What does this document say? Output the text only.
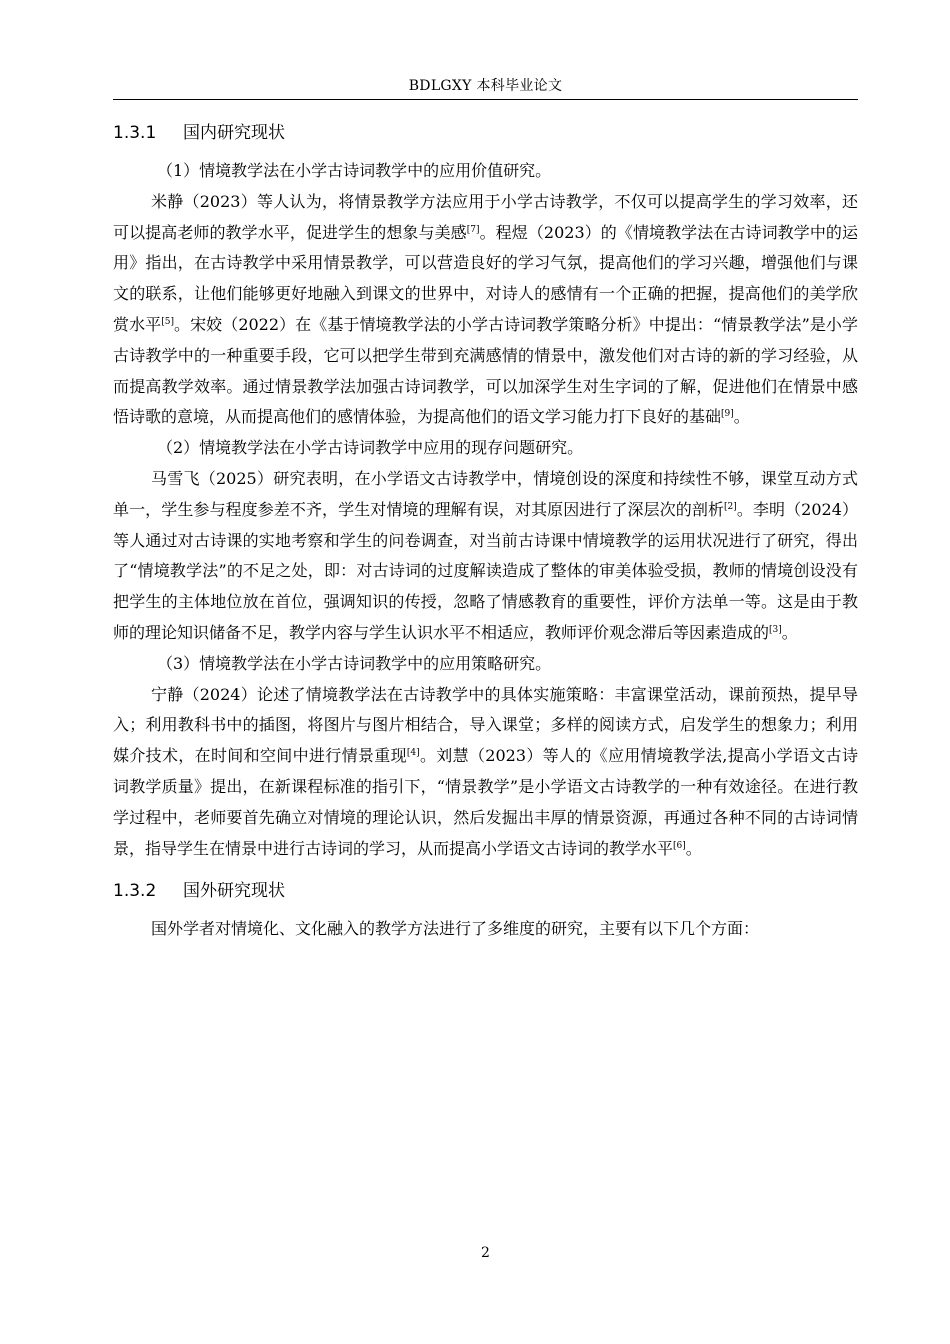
BDLGXY 本科毕业论文
1.3.1 国内研究现状

（1）情境教学法在小学古诗词教学中的应用价值研究。

米静（2023）等人认为，将情景教学方法应用于小学古诗教学，不仅可以提高学生的学习效率，还可以提高老师的教学水平，促进学生的想象与美感[7]。程煜（2023）的《情境教学法在古诗词教学中的运用》指出，在古诗教学中采用情景教学，可以营造良好的学习气氛，提高他们的学习兴趣，增强他们与课文的联系，让他们能够更好地融入到课文的世界中，对诗人的感情有一个正确的把握，提高他们的美学欣赏水平[5]。宋姣（2022）在《基于情境教学法的小学古诗词教学策略分析》中提出：“情景教学法”是小学古诗教学中的一种重要手段，它可以把学生带到充满感情的情景中，激发他们对古诗的新的学习经验，从而提高教学效率。通过情景教学法加强古诗词教学，可以加深学生对生字词的了解，促进他们在情景中感悟诗歌的意境，从而提高他们的感情体验，为提高他们的语文学习能力打下良好的基础[9]。

（2）情境教学法在小学古诗词教学中应用的现存问题研究。

马雪飞（2025）研究表明，在小学语文古诗教学中，情境创设的深度和持续性不够，课堂互动方式单一，学生参与程度参差不齐，学生对情境的理解有误，对其原因进行了深层次的剖析[2]。李明（2024）等人通过对古诗课的实地考察和学生的问卷调查，对当前古诗课中情境教学的运用状况进行了研究，得出了“情境教学法”的不足之处，即：对古诗词的过度解读造成了整体的审美体验受损，教师的情境创设没有把学生的主体地位放在首位，强调知识的传授，忽略了情感教育的重要性，评价方法单一等。这是由于教师的理论知识储备不足，教学内容与学生认识水平不相适应，教师评价观念滞后等因素造成的[3]。

（3）情境教学法在小学古诗词教学中的应用策略研究。

宁静（2024）论述了情境教学法在古诗教学中的具体实施策略：丰富课堂活动，课前预热，提早导入；利用教科书中的插图，将图片与图片相结合，导入课堂；多样的阅读方式，启发学生的想象力；利用媒介技术，在时间和空间中进行情景重现[4]。刘慧（2023）等人的《应用情境教学法,提高小学语文古诗词教学质量》提出，在新课程标准的指引下，“情景教学”是小学语文古诗教学的一种有效途径。在进行教学过程中，老师要首先确立对情境的理论认识，然后发掘出丰厚的情景资源，再通过各种不同的古诗词情景，指导学生在情景中进行古诗词的学习，从而提高小学语文古诗词的教学水平[6]。

1.3.2 国外研究现状

国外学者对情境化、文化融入的教学方法进行了多维度的研究，主要有以下几个方面：

2
